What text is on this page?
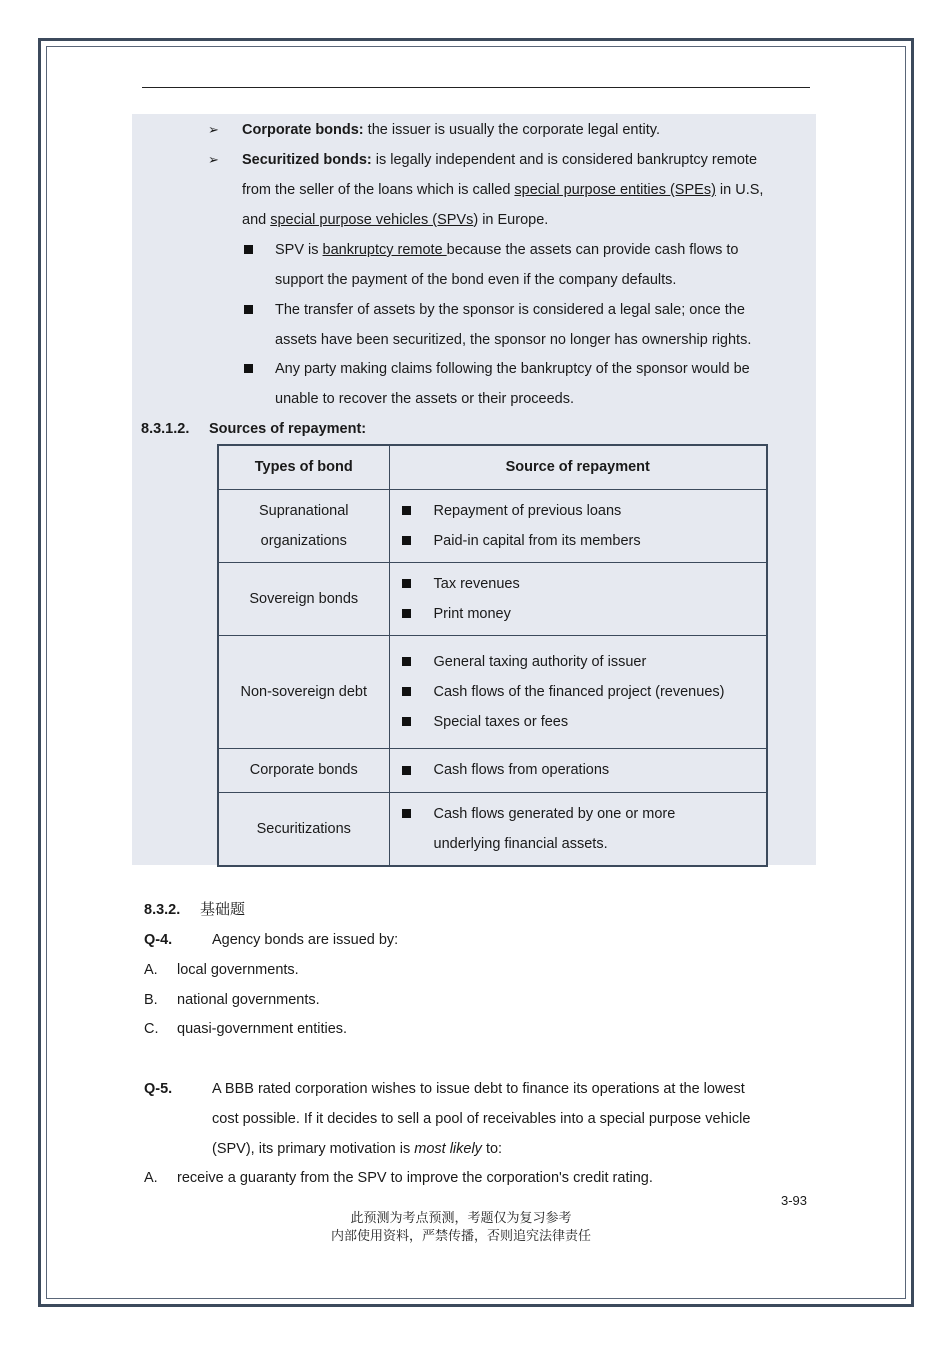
➢ Corporate bonds: the issuer is usually the corporate legal entity.
➢ Securitized bonds: is legally independent and is considered bankruptcy remote
from the seller of the loans which is called special purpose entities (SPEs) in U.S,
and special purpose vehicles (SPVs) in Europe.
SPV is bankruptcy remote because the assets can provide cash flows to
support the payment of the bond even if the company defaults.
The transfer of assets by the sponsor is considered a legal sale; once the
assets have been securitized, the sponsor no longer has ownership rights.
Any party making claims following the bankruptcy of the sponsor would be
unable to recover the assets or their proceeds.
8.3.1.2. Sources of repayment:
Types of bond	Source of repayment
Supranational organizations	Repayment of previous loans
Paid-in capital from its members

Sovereign bonds	Tax revenues
Print money

Non-sovereign debt	General taxing authority of issuer
Cash flows of the financed project (revenues)
Special taxes or fees

Corporate bonds	Cash flows from operations

Securitizations	Cash flows generated by one or more underlying financial assets.
8.3.2. 基础题
Q-4.	Agency bonds are issued by:
A. local governments.
B. national governments.
C. quasi-government entities.
Q-5.	A BBB rated corporation wishes to issue debt to finance its operations at the lowest
cost possible. If it decides to sell a pool of receivables into a special purpose vehicle
(SPV), its primary motivation is most likely to:
A. receive a guaranty from the SPV to improve the corporation's credit rating.
3-93
此预测为考点预测，考题仅为复习参考
内部使用资料，严禁传播，否则追究法律责任
